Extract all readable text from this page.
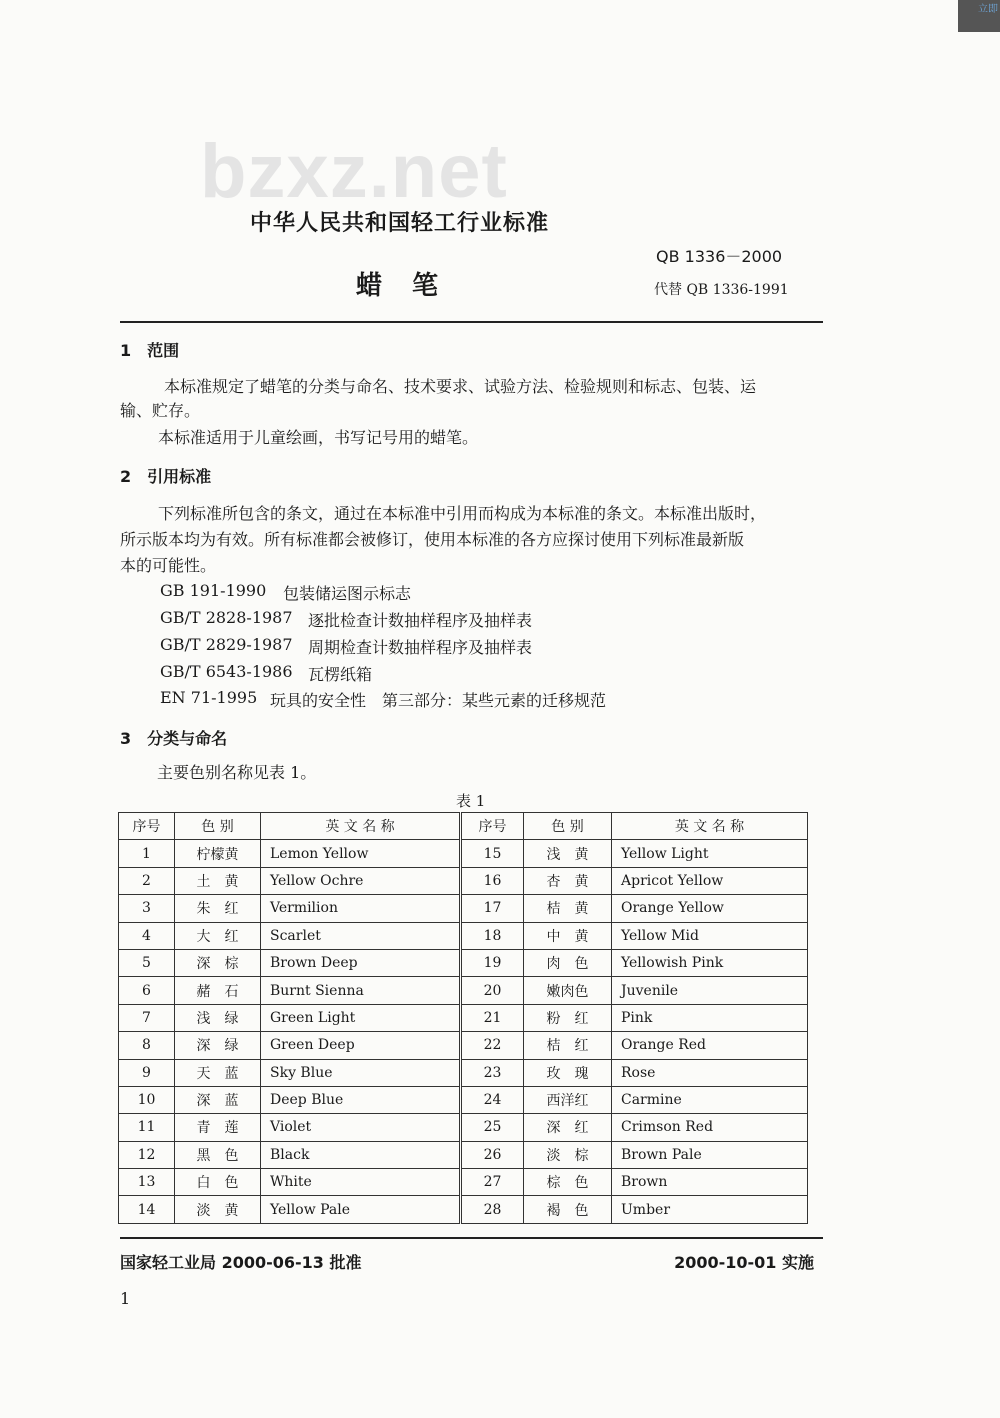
bzxz.net
立即
中华人民共和国轻工行业标准
蜡笔
QB 1336－2000
代替 QB 1336-1991
1　范围
本标准规定了蜡笔的分类与命名、技术要求、试验方法、检验规则和标志、包装、运
输、贮存。
本标准适用于儿童绘画，书写记号用的蜡笔。
2　引用标准
下列标准所包含的条文，通过在本标准中引用而构成为本标准的条文。本标准出版时，
所示版本均为有效。所有标准都会被修订，使用本标准的各方应探讨使用下列标准最新版
本的可能性。
GB 191-1990 包装储运图示标志
GB/T 2828-1987 逐批检查计数抽样程序及抽样表
GB/T 2829-1987 周期检查计数抽样程序及抽样表
GB/T 6543-1986 瓦楞纸箱
EN 71-1995 玩具的安全性　第三部分：某些元素的迁移规范
3　分类与命名
主要色别名称见表 1。
表 1
序号	色 别	英 文 名 称	序号	色 别	英 文 名 称
1	柠檬黄	Lemon Yellow	15	浅　黄	Yellow Light
2	土　黄	Yellow Ochre	16	杏　黄	Apricot Yellow
3	朱　红	Vermilion	17	桔　黄	Orange Yellow
4	大　红	Scarlet	18	中　黄	Yellow Mid
5	深　棕	Brown Deep	19	肉　色	Yellowish Pink
6	赭　石	Burnt Sienna	20	嫩肉色	Juvenile
7	浅　绿	Green Light	21	粉　红	Pink
8	深　绿	Green Deep	22	桔　红	Orange Red
9	天　蓝	Sky Blue	23	玫　瑰	Rose
10	深　蓝	Deep Blue	24	西洋红	Carmine
11	青　莲	Violet	25	深　红	Crimson Red
12	黑　色	Black	26	淡　棕	Brown Pale
13	白　色	White	27	棕　色	Brown
14	淡　黄	Yellow Pale	28	褐　色	Umber
国家轻工业局 2000-06-13 批准	2000-10-01 实施
1
